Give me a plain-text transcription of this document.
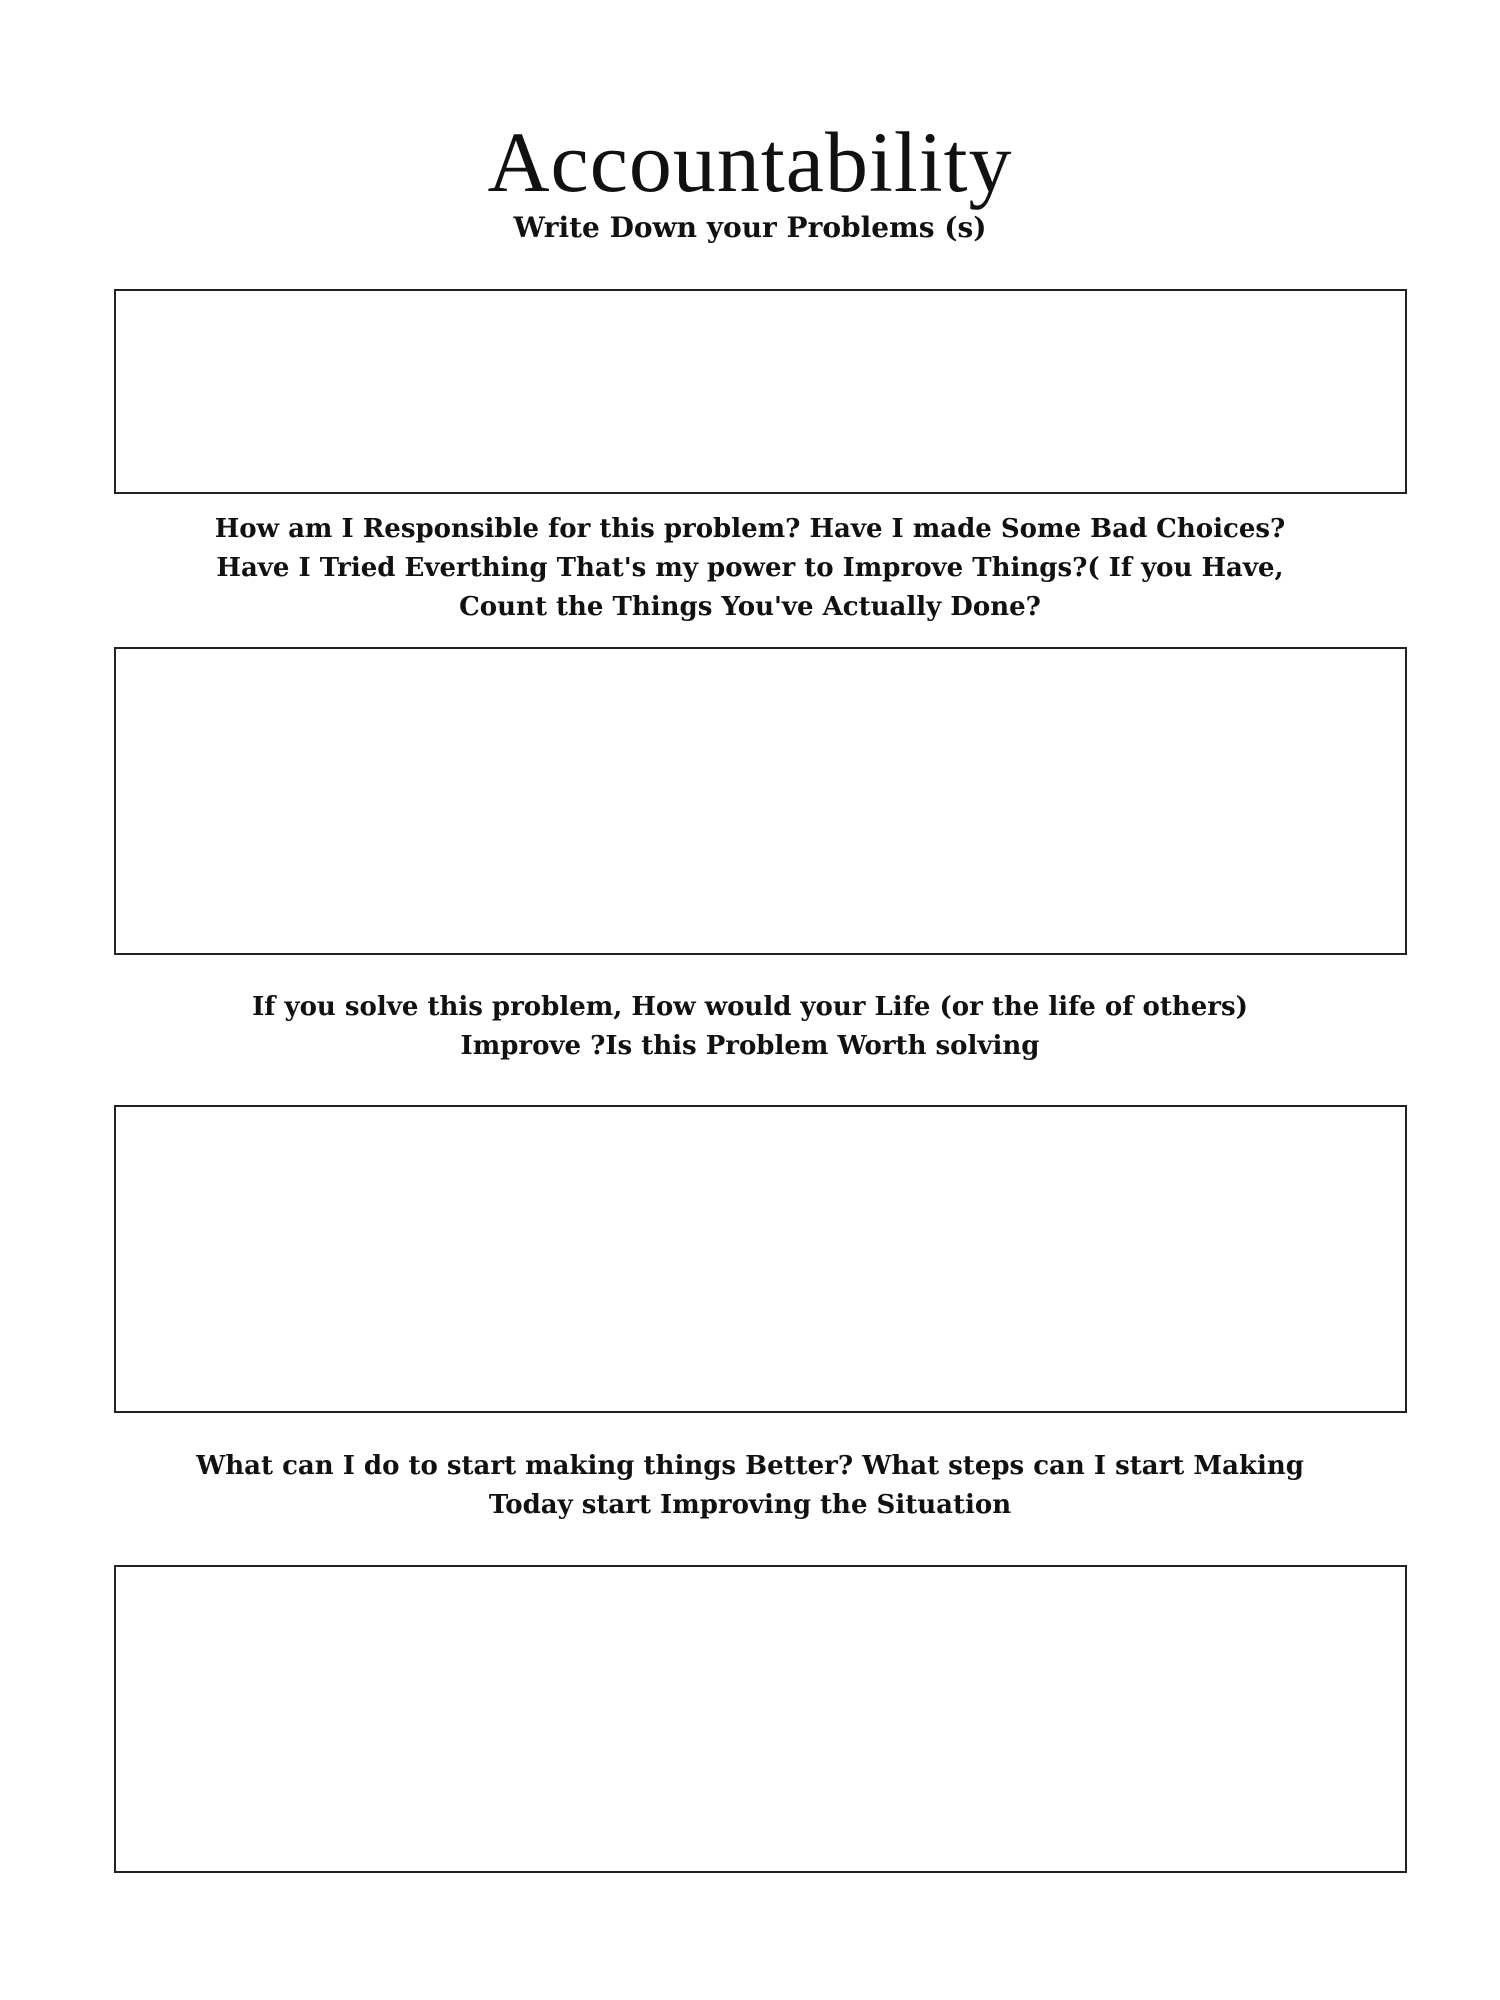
Accountability
Write Down your Problems (s)
How am I Responsible for this problem? Have I made Some Bad Choices?
Have I Tried Everthing That's my power to Improve Things?( If you Have,
Count the Things You've Actually Done?
If you solve this problem, How would your Life (or the life of others)
Improve ?Is this Problem Worth solving
What can I do to start making things Better? What steps can I start Making
Today start Improving the Situation
